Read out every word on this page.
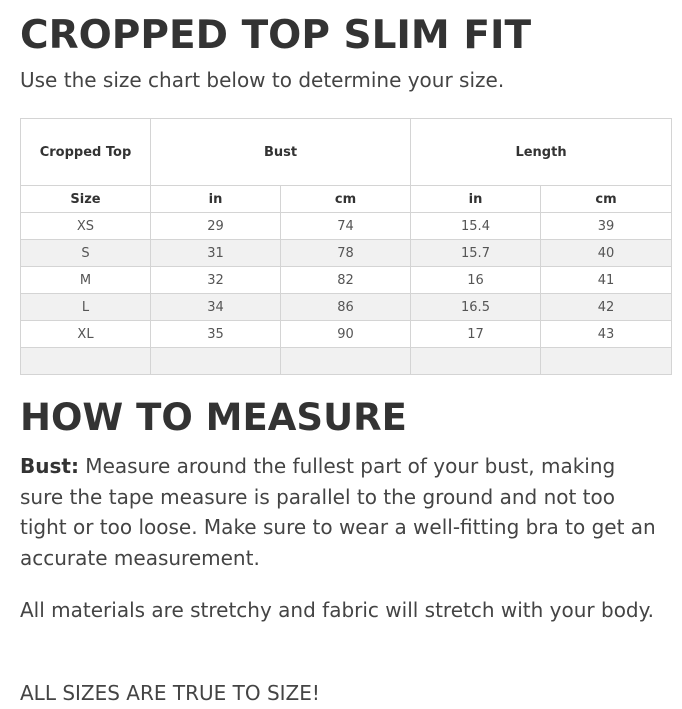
CROPPED TOP SLIM FIT
Use the size chart below to determine your size.
Cropped Top	Bust		Length	
Size	in	cm	in	cm
XS	29	74	15.4	39
S	31	78	15.7	40
M	32	82	16	41
L	34	86	16.5	42
XL	35	90	17	43

HOW TO MEASURE
Bust: Measure around the fullest part of your bust, making sure the tape measure is parallel to the ground and not too tight or too loose. Make sure to wear a well-fitting bra to get an accurate measurement.
All materials are stretchy and fabric will stretch with your body.
ALL SIZES ARE TRUE TO SIZE!
